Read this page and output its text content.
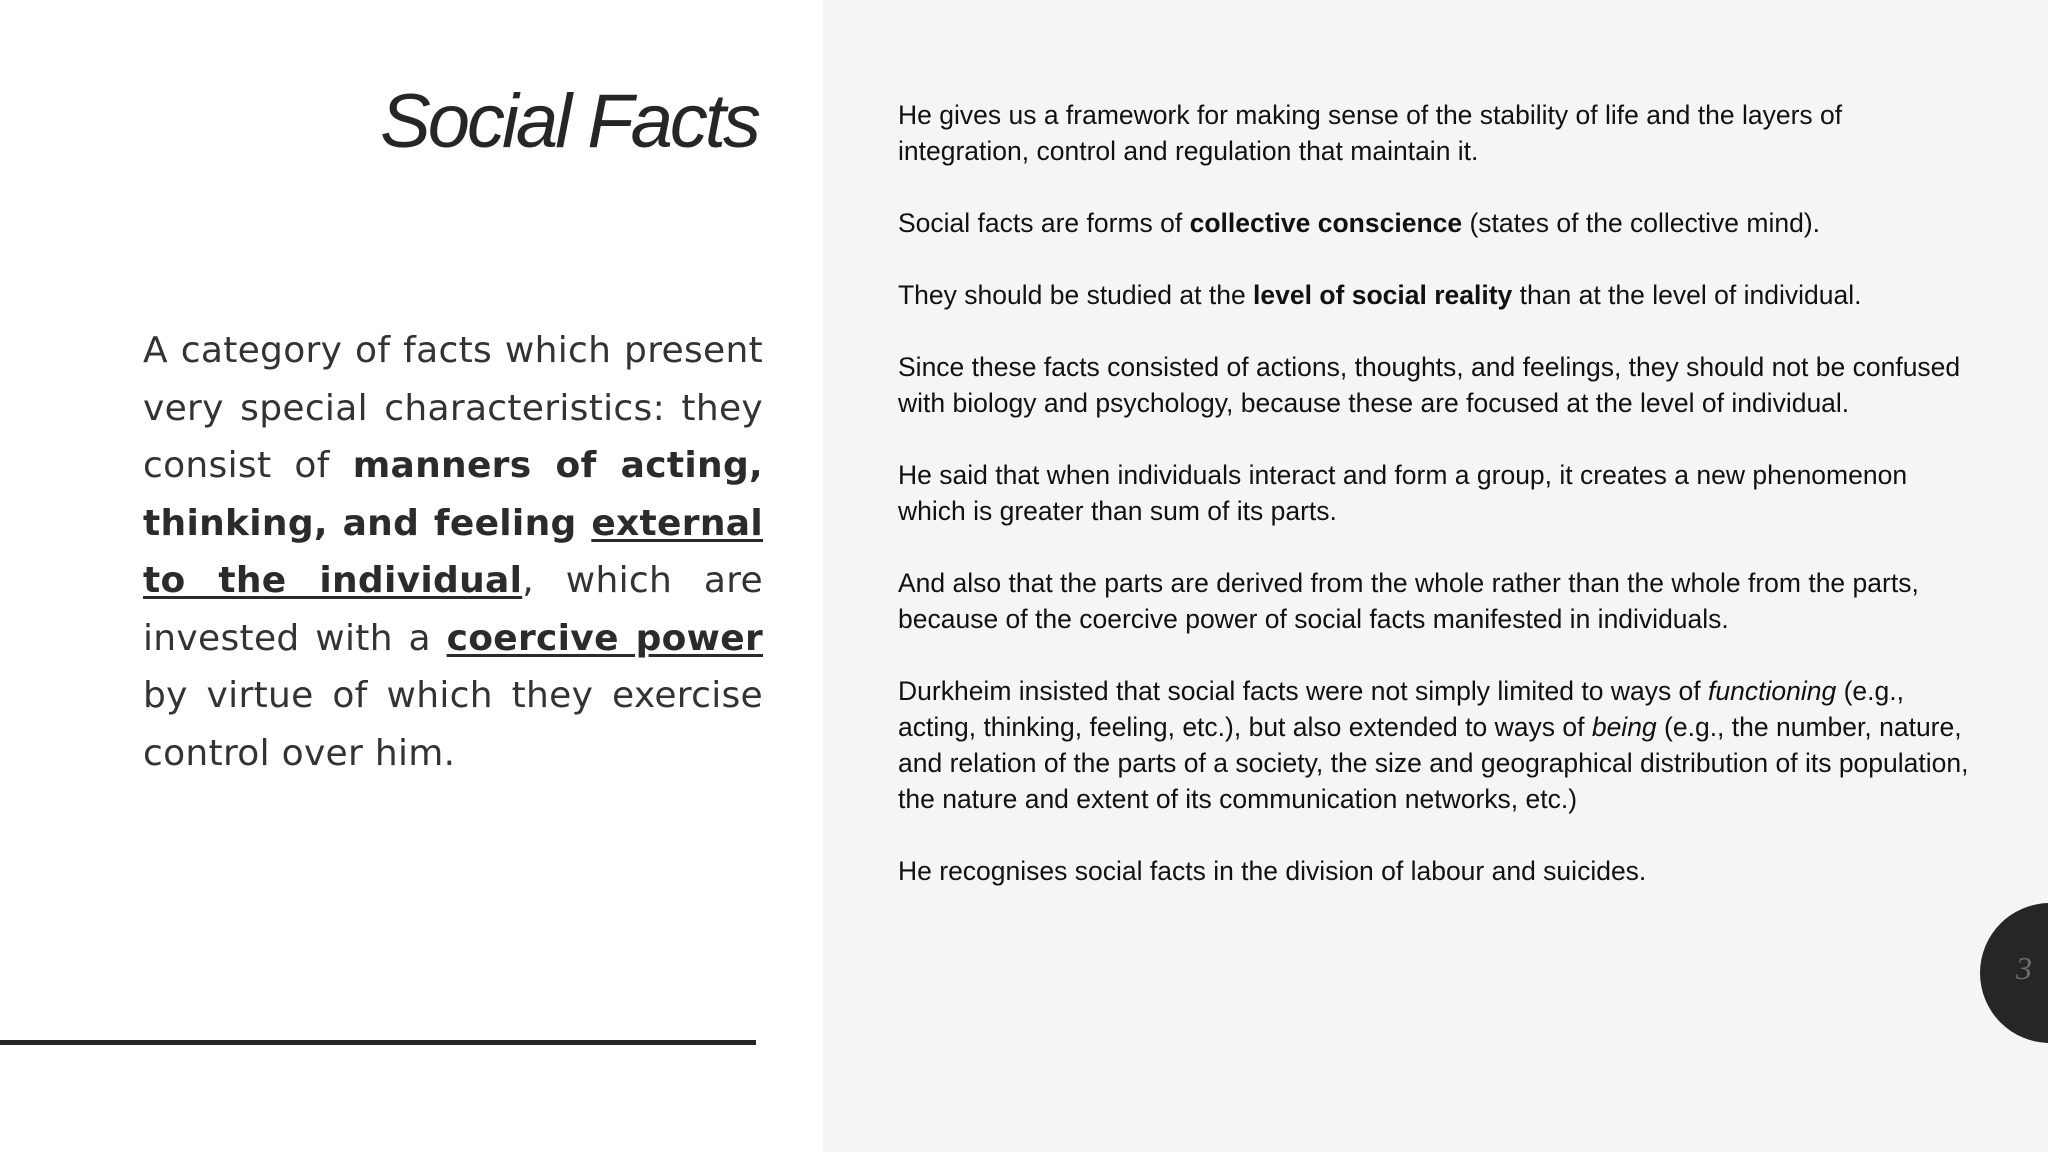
Social Facts

A category of facts which present very special characteristics: they consist of manners of acting, thinking, and feeling external to the individual, which are invested with a coercive power by virtue of which they exercise control over him.

He gives us a framework for making sense of the stability of life and the layers of integration, control and regulation that maintain it.

Social facts are forms of collective conscience (states of the collective mind).

They should be studied at the level of social reality than at the level of individual.

Since these facts consisted of actions, thoughts, and feelings, they should not be confused with biology and psychology, because these are focused at the level of individual.

He said that when individuals interact and form a group, it creates a new phenomenon which is greater than sum of its parts.

And also that the parts are derived from the whole rather than the whole from the parts, because of the coercive power of social facts manifested in individuals.

Durkheim insisted that social facts were not simply limited to ways of functioning (e.g., acting, thinking, feeling, etc.), but also extended to ways of being (e.g., the number, nature, and relation of the parts of a society, the size and geographical distribution of its population, the nature and extent of its communication networks, etc.)

He recognises social facts in the division of labour and suicides.

3
